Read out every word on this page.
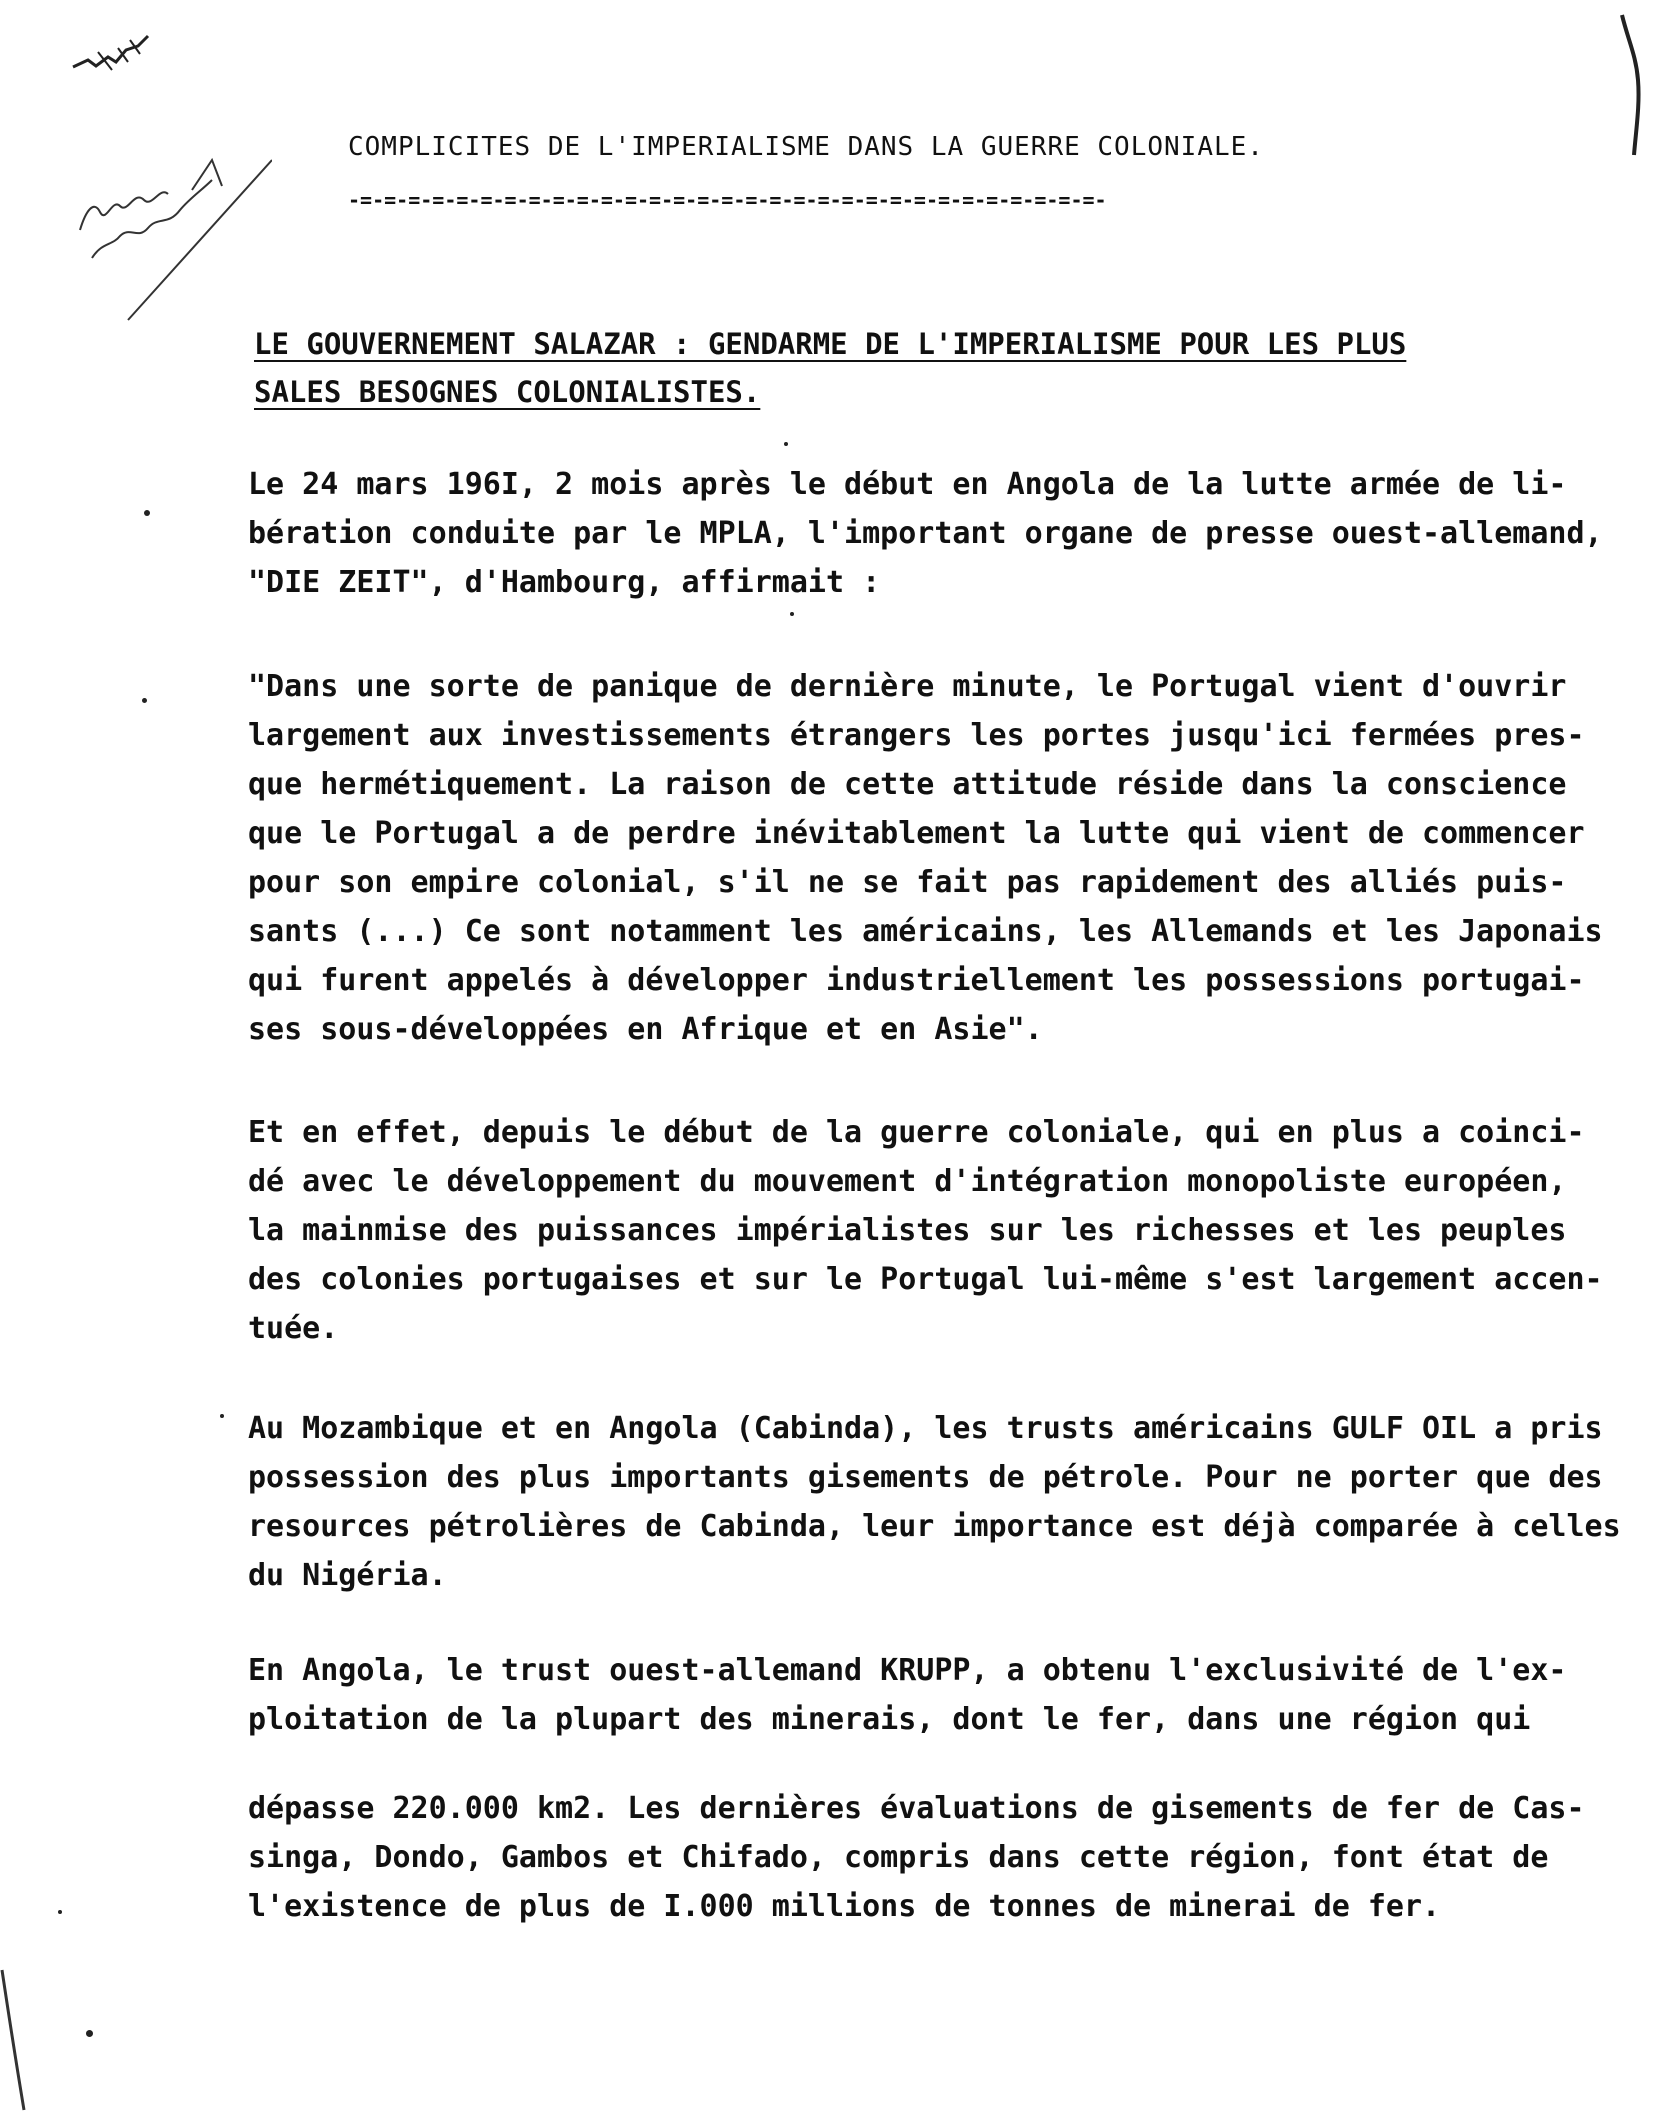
COMPLICITES DE L'IMPERIALISME DANS LA GUERRE COLONIALE.
-=-=-=-=-=-=-=-=-=-=-=-=-=-=-=-=-=-=-=-=-=-=-=-=-=-=-=-=-=-=-=-
LE GOUVERNEMENT SALAZAR : GENDARME DE L'IMPERIALISME POUR LES PLUS
SALES BESOGNES COLONIALISTES.
Le 24 mars 196I, 2 mois après le début en Angola de la lutte armée de li-
bération conduite par le MPLA, l'important organe de presse ouest-allemand,
"DIE ZEIT", d'Hambourg, affirmait :
"Dans une sorte de panique de dernière minute, le Portugal vient d'ouvrir
largement aux investissements étrangers les portes jusqu'ici fermées pres-
que hermétiquement. La raison de cette attitude réside dans la conscience
que le Portugal a de perdre inévitablement la lutte qui vient de commencer
pour son empire colonial, s'il ne se fait pas rapidement des alliés puis-
sants (...) Ce sont notamment les américains, les Allemands et les Japonais
qui furent appelés à développer industriellement les possessions portugai-
ses sous-développées en Afrique et en Asie".
Et en effet, depuis le début de la guerre coloniale, qui en plus a coinci-
dé avec le développement du mouvement d'intégration monopoliste européen,
la mainmise des puissances impérialistes sur les richesses et les peuples
des colonies portugaises et sur le Portugal lui-même s'est largement accen-
tuée.
Au Mozambique et en Angola (Cabinda), les trusts américains GULF OIL a pris
possession des plus importants gisements de pétrole. Pour ne porter que des
resources pétrolières de Cabinda, leur importance est déjà comparée à celles
du Nigéria.
En Angola, le trust ouest-allemand KRUPP, a obtenu l'exclusivité de l'ex-
ploitation de la plupart des minerais, dont le fer, dans une région qui
dépasse 220.000 km2. Les dernières évaluations de gisements de fer de Cas-
singa, Dondo, Gambos et Chifado, compris dans cette région, font état de
l'existence de plus de I.000 millions de tonnes de minerai de fer.
